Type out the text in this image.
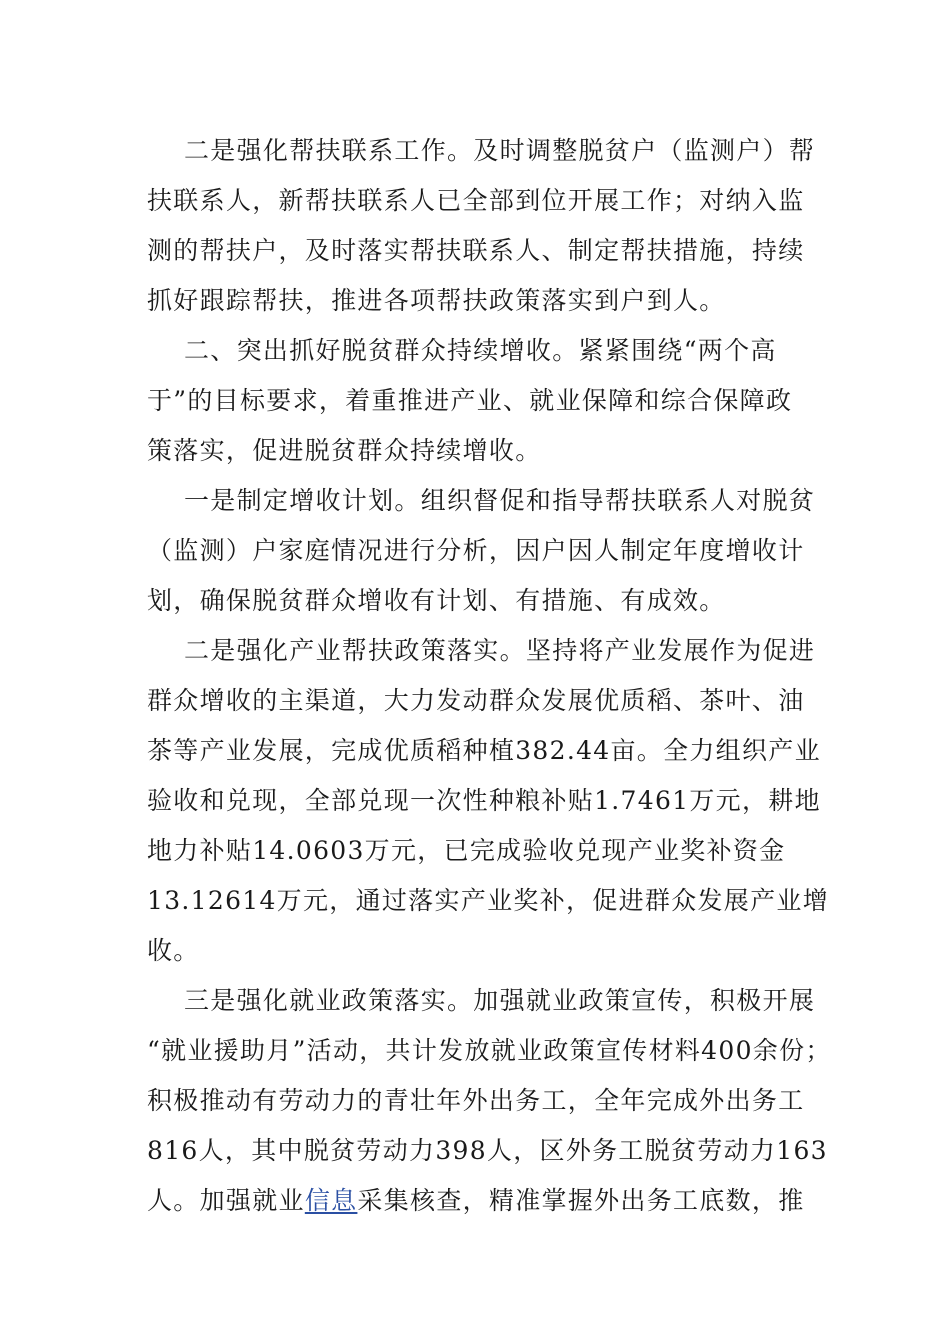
二是强化帮扶联系工作。及时调整脱贫户（监测户）帮
扶联系人，新帮扶联系人已全部到位开展工作；对纳入监
测的帮扶户，及时落实帮扶联系人、制定帮扶措施，持续
抓好跟踪帮扶，推进各项帮扶政策落实到户到人。
二、突出抓好脱贫群众持续增收。紧紧围绕“两个高
于”的目标要求，着重推进产业、就业保障和综合保障政
策落实，促进脱贫群众持续增收。
一是制定增收计划。组织督促和指导帮扶联系人对脱贫
（监测）户家庭情况进行分析，因户因人制定年度增收计
划，确保脱贫群众增收有计划、有措施、有成效。
二是强化产业帮扶政策落实。坚持将产业发展作为促进
群众增收的主渠道，大力发动群众发展优质稻、茶叶、油
茶等产业发展，完成优质稻种植382.44亩。全力组织产业
验收和兑现，全部兑现一次性种粮补贴1.7461万元，耕地
地力补贴14.0603万元，已完成验收兑现产业奖补资金
13.12614万元，通过落实产业奖补，促进群众发展产业增
收。
三是强化就业政策落实。加强就业政策宣传，积极开展
“就业援助月”活动，共计发放就业政策宣传材料400余份；
积极推动有劳动力的青壮年外出务工，全年完成外出务工
816人，其中脱贫劳动力398人，区外务工脱贫劳动力163
人。加强就业信息采集核查，精准掌握外出务工底数，推
